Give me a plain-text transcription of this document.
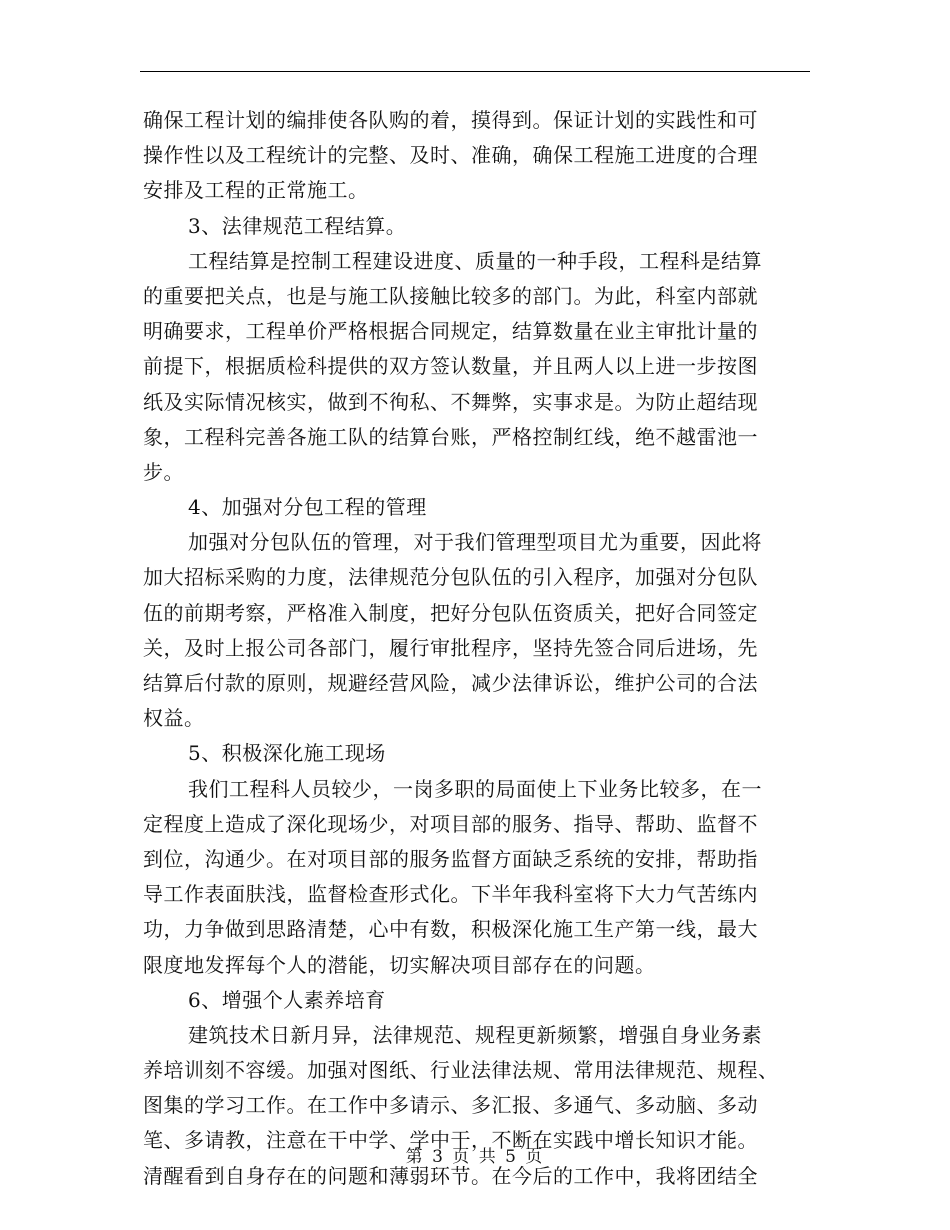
确保工程计划的编排使各队购的着，摸得到。保证计划的实践性和可
操作性以及工程统计的完整、及时、准确，确保工程施工进度的合理
安排及工程的正常施工。
3、法律规范工程结算。
工程结算是控制工程建设进度、质量的一种手段，工程科是结算
的重要把关点，也是与施工队接触比较多的部门。为此，科室内部就
明确要求，工程单价严格根据合同规定，结算数量在业主审批计量的
前提下，根据质检科提供的双方签认数量，并且两人以上进一步按图
纸及实际情况核实，做到不徇私、不舞弊，实事求是。为防止超结现
象，工程科完善各施工队的结算台账，严格控制红线，绝不越雷池一
步。
4、加强对分包工程的管理
加强对分包队伍的管理，对于我们管理型项目尤为重要，因此将
加大招标采购的力度，法律规范分包队伍的引入程序，加强对分包队
伍的前期考察，严格准入制度，把好分包队伍资质关，把好合同签定
关，及时上报公司各部门，履行审批程序，坚持先签合同后进场，先
结算后付款的原则，规避经营风险，减少法律诉讼，维护公司的合法
权益。
5、积极深化施工现场
我们工程科人员较少，一岗多职的局面使上下业务比较多，在一
定程度上造成了深化现场少，对项目部的服务、指导、帮助、监督不
到位，沟通少。在对项目部的服务监督方面缺乏系统的安排，帮助指
导工作表面肤浅，监督检查形式化。下半年我科室将下大力气苦练内
功，力争做到思路清楚，心中有数，积极深化施工生产第一线，最大
限度地发挥每个人的潜能，切实解决项目部存在的问题。
6、增强个人素养培育
建筑技术日新月异，法律规范、规程更新频繁，增强自身业务素
养培训刻不容缓。加强对图纸、行业法律法规、常用法律规范、规程、
图集的学习工作。在工作中多请示、多汇报、多通气、多动脑、多动
笔、多请教，注意在干中学、学中干，不断在实践中增长知识才能。
清醒看到自身存在的问题和薄弱环节。在今后的工作中，我将团结全
第 3 页 共 5 页
